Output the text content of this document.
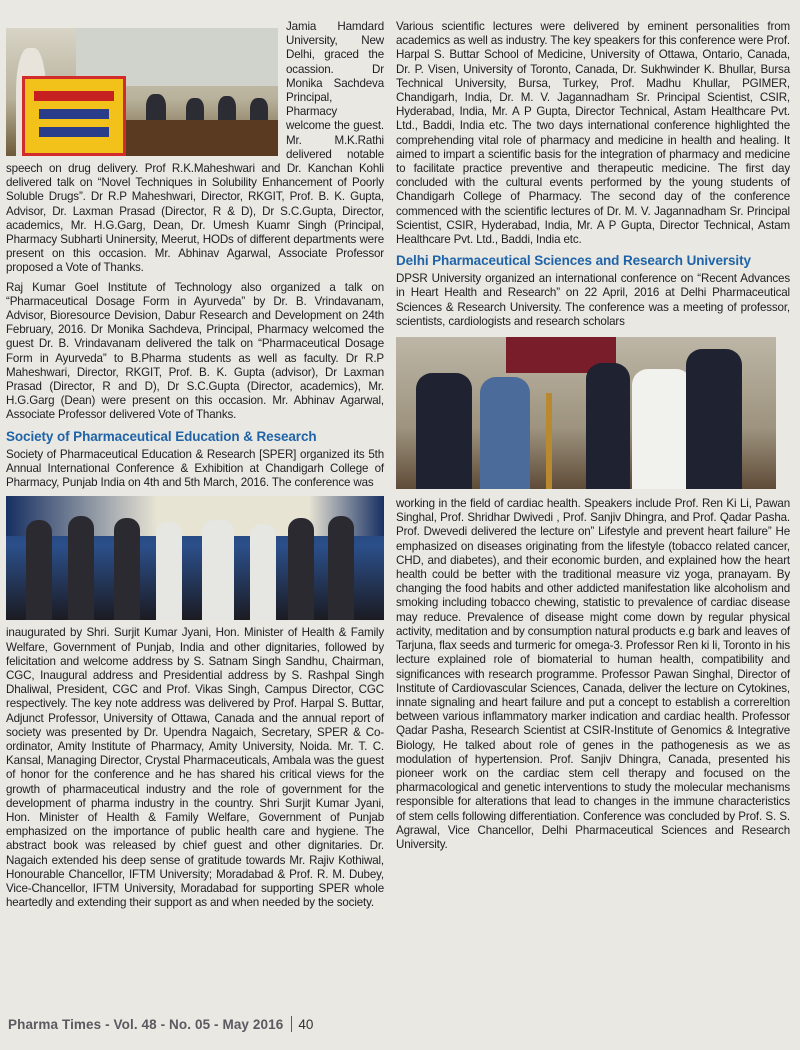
Jamia Hamdard University, New Delhi, graced the ocassion. Dr Monika Sachdeva Principal, Pharmacy welcome the guest. Mr. M.K.Rathi delivered notable speech on drug delivery. Prof R.K.Maheshwari and Dr. Kanchan Kohli delivered talk on “Novel Techniques in Solubility Enhancement of Poorly Soluble Drugs”. Dr R.P Maheshwari, Director, RKGIT, Prof. B. K. Gupta, Advisor, Dr. Laxman Prasad (Director, R & D), Dr S.C.Gupta, Director, academics, Mr. H.G.Garg, Dean, Dr. Umesh Kuamr Singh (Principal, Pharmacy Subharti Uninersity, Meerut, HODs of different departments were present on this occasion. Mr. Abhinav Agarwal, Associate Professor proposed a Vote of Thanks.

Raj Kumar Goel Institute of Technology also organized a talk on “Pharmaceutical Dosage Form in Ayurveda” by Dr. B. Vrindavanam, Advisor, Bioresource Devision, Dabur Research and Development on 24th February, 2016. Dr Monika Sachdeva, Principal, Pharmacy welcomed the guest Dr. B. Vrindavanam delivered the talk on “Pharmaceutical Dosage Form in Ayurveda” to B.Pharma students as well as faculty. Dr R.P Maheshwari, Director, RKGIT, Prof. B. K. Gupta (advisor), Dr Laxman Prasad (Director, R and D), Dr S.C.Gupta (Director, academics), Mr. H.G.Garg (Dean) were present on this occasion. Mr. Abhinav Agarwal, Associate Professor delivered Vote of Thanks.

Society of Pharmaceutical Education & Research

Society of Pharmaceutical Education & Research [SPER] organized its 5th Annual International Conference & Exhibition at Chandigarh College of Pharmacy, Punjab India on 4th and 5th March, 2016. The conference was

inaugurated by Shri. Surjit Kumar Jyani, Hon. Minister of Health & Family Welfare, Government of Punjab, India and other dignitaries, followed by felicitation and welcome address by S. Satnam Singh Sandhu, Chairman, CGC, Inaugural address and Presidential address by S. Rashpal Singh Dhaliwal, President, CGC and Prof. Vikas Singh, Campus Director, CGC respectively. The key note address was delivered by Prof. Harpal S. Buttar, Adjunct Professor, University of Ottawa, Canada and the annual report of society was presented by Dr. Upendra Nagaich, Secretary, SPER & Co-ordinator, Amity Institute of Pharmacy, Amity University, Noida. Mr. T. C. Kansal, Managing Director, Crystal Pharmaceuticals, Ambala was the guest of honor for the conference and he has shared his critical views for the growth of pharmaceutical industry and the role of government for the development of pharma industry in the country. Shri Surjit Kumar Jyani, Hon. Minister of Health & Family Welfare, Government of Punjab emphasized on the importance of public health care and hygiene. The abstract book was released by chief guest and other dignitaries. Dr. Nagaich extended his deep sense of gratitude towards Mr. Rajiv Kothiwal, Honourable Chancellor, IFTM University; Moradabad & Prof. R. M. Dubey, Vice-Chancellor, IFTM University, Moradabad for supporting SPER whole heartedly and extending their support as and when needed by the society.

Various scientific lectures were delivered by eminent personalities from academics as well as industry. The key speakers for this conference were Prof. Harpal S. Buttar School of Medicine, University of Ottawa, Ontario, Canada, Dr. P. Visen, University of Toronto, Canada, Dr. Sukhwinder K. Bhullar, Bursa Technical University, Bursa, Turkey, Prof. Madhu Khullar, PGIMER, Chandigarh, India, Dr. M. V. Jagannadham Sr. Principal Scientist, CSIR, Hyderabad, India, Mr. A P Gupta, Director Technical, Astam Healthcare Pvt. Ltd., Baddi, India etc. The two days international conference highlighted the comprehending vital role of pharmacy and medicine in health and healing. It aimed to impart a scientific basis for the integration of pharmacy and medicine to facilitate practice preventive and therapeutic medicine. The first day concluded with the cultural events performed by the young students of Chandigarh College of Pharmacy. The second day of the conference commenced with the scientific lectures of Dr. M. V. Jagannadham Sr. Principal Scientist, CSIR, Hyderabad, India, Mr. A P Gupta, Director Technical, Astam Healthcare Pvt. Ltd., Baddi, India etc.

Delhi Pharmaceutical Sciences and Research University

DPSR University organized an international conference on “Recent Advances in Heart Health and Research” on 22 April, 2016 at Delhi Pharmaceutical Sciences & Research University. The conference was a meeting of professor, scientists, cardiologists and research scholars

working in the field of cardiac health. Speakers include Prof. Ren Ki Li, Pawan Singhal, Prof. Shridhar Dwivedi , Prof. Sanjiv Dhingra, and Prof. Qadar Pasha. Prof. Dwevedi delivered the lecture on” Lifestyle and prevent heart failure” He emphasized on diseases originating from the lifestyle (tobacco related cancer, CHD, and diabetes), and their economic burden, and explained how the heart health could be better with the traditional measure viz yoga, pranayam. By changing the food habits and other addicted manifestation like alcoholism and smoking including tobacco chewing, statistic to prevalence of cardiac disease may reduce. Prevalence of disease might come down by regular physical activity, meditation and by consumption natural products e.g bark and leaves of Tarjuna, flax seeds and turmeric for omega-3. Professor Ren ki li, Toronto in his lecture explained role of biomaterial to human health, compatibility and significances with research programme. Professor Pawan Singhal, Director of Institute of Cardiovascular Sciences, Canada, deliver the lecture on Cytokines, innate signaling and heart failure and put a concept to establish a correreltion between various inflammatory marker indication and cardiac health. Professor Qadar Pasha, Research Scientist at CSIR-Institute of Genomics & Integrative Biology, He talked about role of genes in the pathogenesis as we as modulation of hypertension. Prof. Sanjiv Dhingra, Canada, presented his pioneer work on the cardiac stem cell therapy and focused on the pharmacological and genetic interventions to study the molecular mechanisms responsible for alterations that lead to changes in the immune characteristics of stem cells following differentiation. Conference was concluded by Prof. S. S. Agrawal, Vice Chancellor, Delhi Pharmaceutical Sciences and Research University.

Pharma Times - Vol. 48 - No. 05 - May 2016 40
